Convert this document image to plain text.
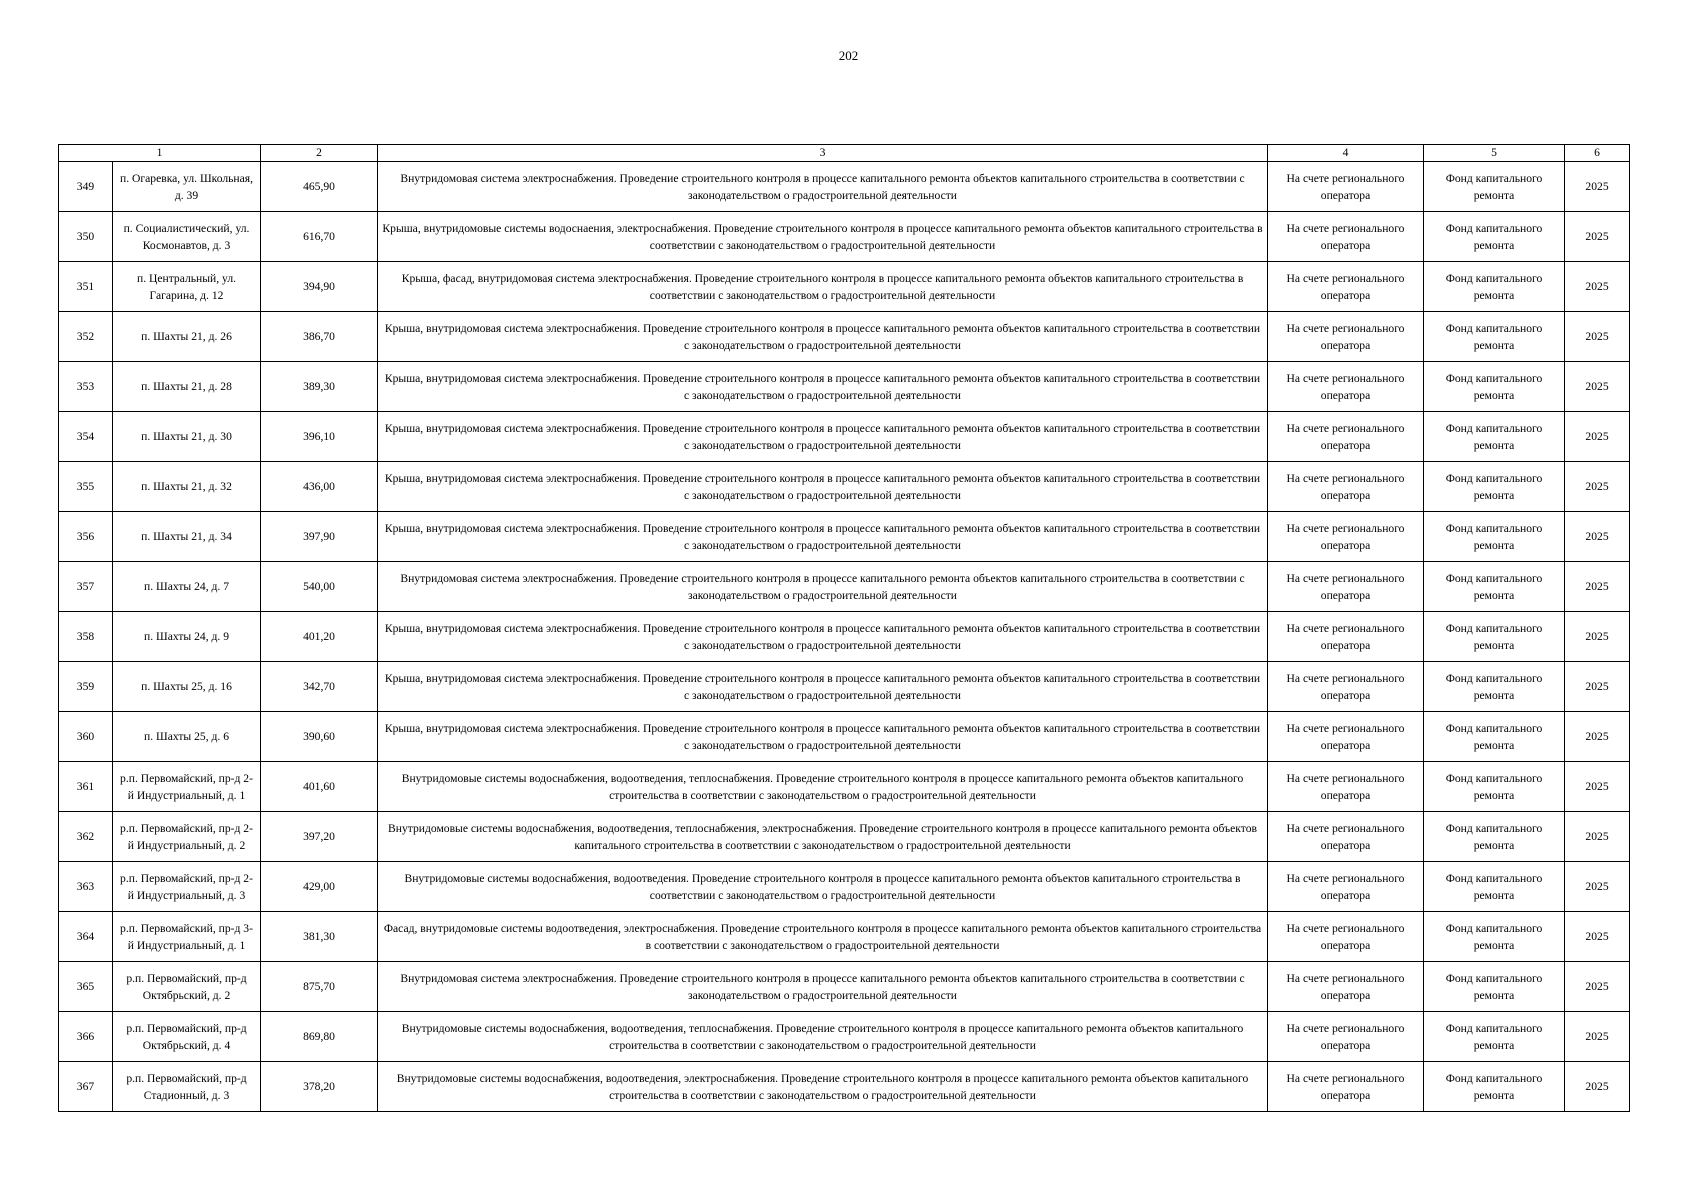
202
1		2	3	4	5	6
349	п. Огаревка, ул. Школьная, д. 39	465,90	Внутридомовая система электроснабжения. Проведение строительного контроля в процессе капитального ремонта объектов капитального строительства в соответствии с законодательством о градостроительной деятельности	На счете регионального оператора	Фонд капитального ремонта	2025
350	п. Социалистический, ул. Космонавтов, д. 3	616,70	Крыша, внутридомовые системы водоснаения, электроснабжения. Проведение строительного контроля в процессе капитального ремонта объектов капитального строительства в соответствии с законодательством о градостроительной деятельности	На счете регионального оператора	Фонд капитального ремонта	2025
351	п. Центральный, ул. Гагарина, д. 12	394,90	Крыша, фасад, внутридомовая система электроснабжения. Проведение строительного контроля в процессе капитального ремонта объектов капитального строительства в соответствии с законодательством о градостроительной деятельности	На счете регионального оператора	Фонд капитального ремонта	2025
352	п. Шахты 21, д. 26	386,70	Крыша, внутридомовая система электроснабжения. Проведение строительного контроля в процессе капитального ремонта объектов капитального строительства в соответствии с законодательством о градостроительной деятельности	На счете регионального оператора	Фонд капитального ремонта	2025
353	п. Шахты 21, д. 28	389,30	Крыша, внутридомовая система электроснабжения. Проведение строительного контроля в процессе капитального ремонта объектов капитального строительства в соответствии с законодательством о градостроительной деятельности	На счете регионального оператора	Фонд капитального ремонта	2025
354	п. Шахты 21, д. 30	396,10	Крыша, внутридомовая система электроснабжения. Проведение строительного контроля в процессе капитального ремонта объектов капитального строительства в соответствии с законодательством о градостроительной деятельности	На счете регионального оператора	Фонд капитального ремонта	2025
355	п. Шахты 21, д. 32	436,00	Крыша, внутридомовая система электроснабжения. Проведение строительного контроля в процессе капитального ремонта объектов капитального строительства в соответствии с законодательством о градостроительной деятельности	На счете регионального оператора	Фонд капитального ремонта	2025
356	п. Шахты 21, д. 34	397,90	Крыша, внутридомовая система электроснабжения. Проведение строительного контроля в процессе капитального ремонта объектов капитального строительства в соответствии с законодательством о градостроительной деятельности	На счете регионального оператора	Фонд капитального ремонта	2025
357	п. Шахты 24, д. 7	540,00	Внутридомовая система электроснабжения. Проведение строительного контроля в процессе капитального ремонта объектов капитального строительства в соответствии с законодательством о градостроительной деятельности	На счете регионального оператора	Фонд капитального ремонта	2025
358	п. Шахты 24, д. 9	401,20	Крыша, внутридомовая система электроснабжения. Проведение строительного контроля в процессе капитального ремонта объектов капитального строительства в соответствии с законодательством о градостроительной деятельности	На счете регионального оператора	Фонд капитального ремонта	2025
359	п. Шахты 25, д. 16	342,70	Крыша, внутридомовая система электроснабжения. Проведение строительного контроля в процессе капитального ремонта объектов капитального строительства в соответствии с законодательством о градостроительной деятельности	На счете регионального оператора	Фонд капитального ремонта	2025
360	п. Шахты 25, д. 6	390,60	Крыша, внутридомовая система электроснабжения. Проведение строительного контроля в процессе капитального ремонта объектов капитального строительства в соответствии с законодательством о градостроительной деятельности	На счете регионального оператора	Фонд капитального ремонта	2025
361	р.п. Первомайский, пр-д 2-й Индустриальный, д. 1	401,60	Внутридомовые системы водоснабжения, водоотведения, теплоснабжения. Проведение строительного контроля в процессе капитального ремонта объектов капитального строительства в соответствии с законодательством о градостроительной деятельности	На счете регионального оператора	Фонд капитального ремонта	2025
362	р.п. Первомайский, пр-д 2-й Индустриальный, д. 2	397,20	Внутридомовые системы водоснабжения, водоотведения, теплоснабжения, электроснабжения. Проведение строительного контроля в процессе капитального ремонта объектов капитального строительства в соответствии с законодательством о градостроительной деятельности	На счете регионального оператора	Фонд капитального ремонта	2025
363	р.п. Первомайский, пр-д 2-й Индустриальный, д. 3	429,00	Внутридомовые системы водоснабжения, водоотведения. Проведение строительного контроля в процессе капитального ремонта объектов капитального строительства в соответствии с законодательством о градостроительной деятельности	На счете регионального оператора	Фонд капитального ремонта	2025
364	р.п. Первомайский, пр-д 3-й Индустриальный, д. 1	381,30	Фасад, внутридомовые системы водоотведения, электроснабжения. Проведение строительного контроля в процессе капитального ремонта объектов капитального строительства в соответствии с законодательством о градостроительной деятельности	На счете регионального оператора	Фонд капитального ремонта	2025
365	р.п. Первомайский, пр-д Октябрьский, д. 2	875,70	Внутридомовая система электроснабжения. Проведение строительного контроля в процессе капитального ремонта объектов капитального строительства в соответствии с законодательством о градостроительной деятельности	На счете регионального оператора	Фонд капитального ремонта	2025
366	р.п. Первомайский, пр-д Октябрьский, д. 4	869,80	Внутридомовые системы водоснабжения, водоотведения, теплоснабжения. Проведение строительного контроля в процессе капитального ремонта объектов капитального строительства в соответствии с законодательством о градостроительной деятельности	На счете регионального оператора	Фонд капитального ремонта	2025
367	р.п. Первомайский, пр-д Стадионный, д. 3	378,20	Внутридомовые системы водоснабжения, водоотведения, электроснабжения. Проведение строительного контроля в процессе капитального ремонта объектов капитального строительства в соответствии с законодательством о градостроительной деятельности	На счете регионального оператора	Фонд капитального ремонта	2025
